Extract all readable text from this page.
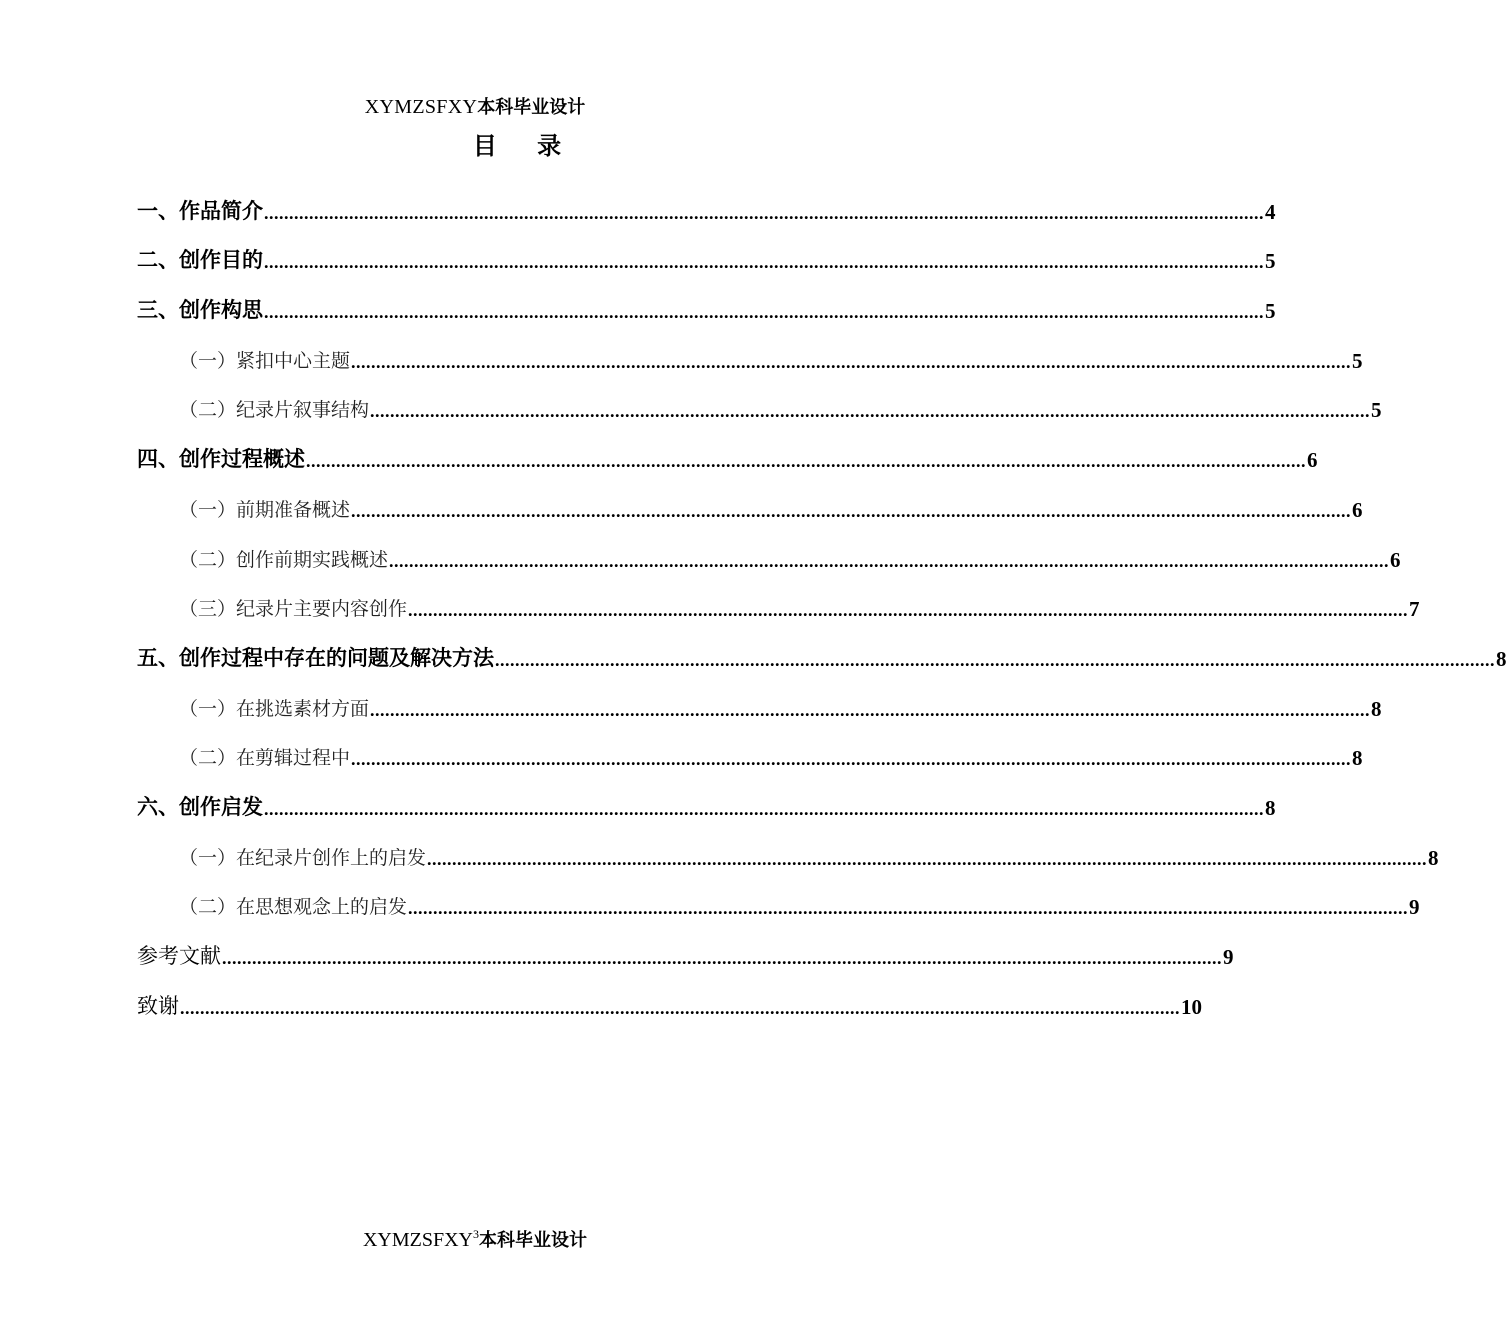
XYMZSFXY本科毕业设计
目 录
一、作品简介 ........................................................................................................................................................................................................ 4
二、创作目的 ........................................................................................................................................................................................................ 5
三、创作构思 ........................................................................................................................................................................................................ 5
（一）紧扣中心主题 ........................................................................................................................................................................................................ 5
（二）纪录片叙事结构 ........................................................................................................................................................................................................ 5
四、创作过程概述 ........................................................................................................................................................................................................ 6
（一）前期准备概述 ........................................................................................................................................................................................................ 6
（二）创作前期实践概述 ........................................................................................................................................................................................................ 6
（三）纪录片主要内容创作 ........................................................................................................................................................................................................ 7
五、创作过程中存在的问题及解决方法 ........................................................................................................................................................................................................ 8
（一）在挑选素材方面 ........................................................................................................................................................................................................ 8
（二）在剪辑过程中 ........................................................................................................................................................................................................ 8
六、创作启发 ........................................................................................................................................................................................................ 8
（一）在纪录片创作上的启发 ........................................................................................................................................................................................................ 8
（二）在思想观念上的启发 ........................................................................................................................................................................................................ 9
参考文献 ........................................................................................................................................................................................................ 9
致谢 ........................................................................................................................................................................................................ 10
XYMZSFXY$^3$本科毕业设计
